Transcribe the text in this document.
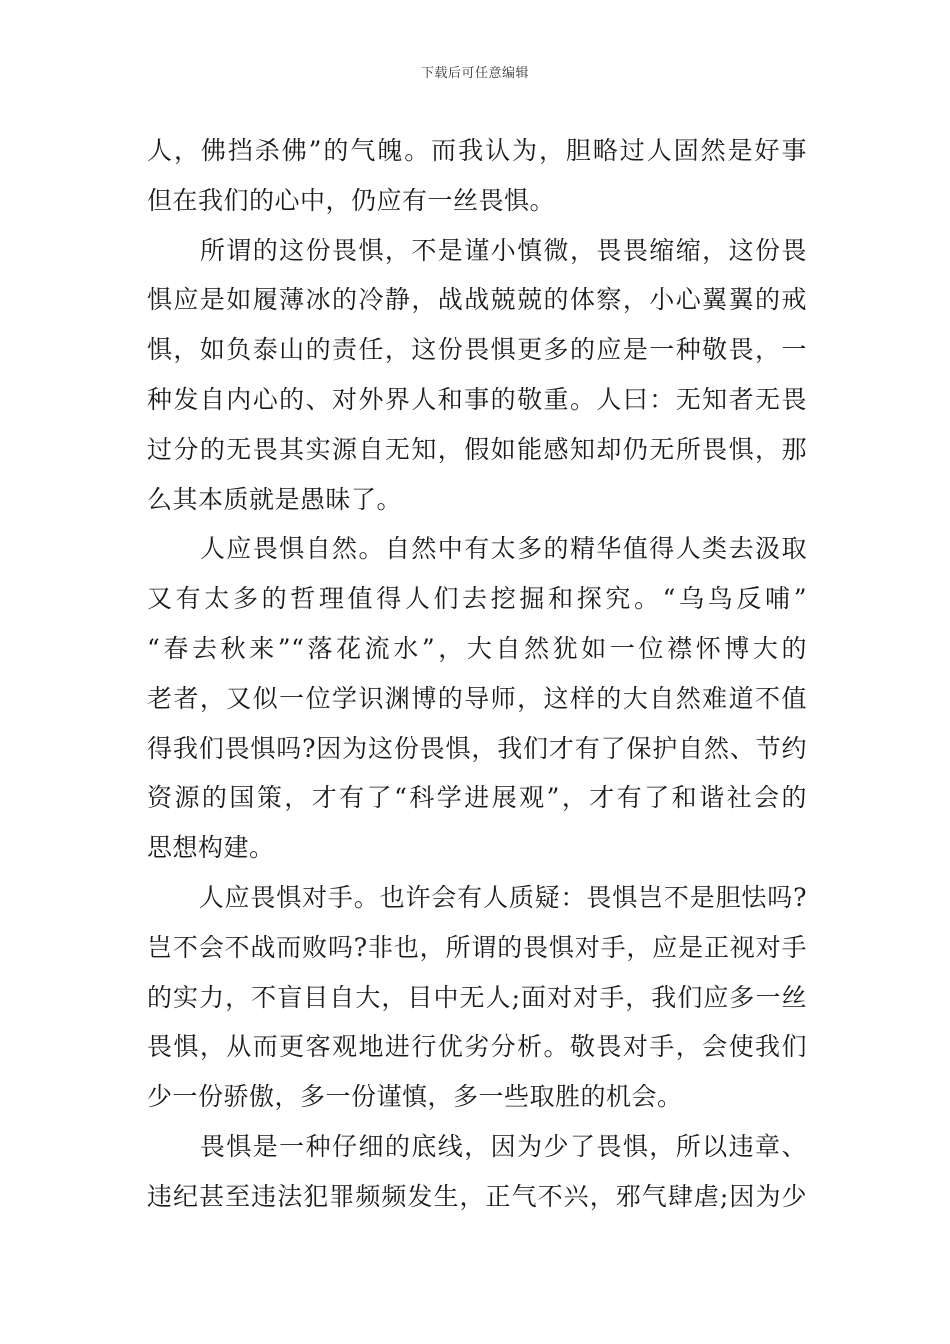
下载后可任意编辑
人，佛挡杀佛”的气魄。而我认为，胆略过人固然是好事
但在我们的心中，仍应有一丝畏惧。
　　所谓的这份畏惧，不是谨小慎微，畏畏缩缩，这份畏
惧应是如履薄冰的冷静，战战兢兢的体察，小心翼翼的戒
惧，如负泰山的责任，这份畏惧更多的应是一种敬畏，一
种发自内心的、对外界人和事的敬重。人曰：无知者无畏
过分的无畏其实源自无知，假如能感知却仍无所畏惧，那
么其本质就是愚昧了。
　　人应畏惧自然。自然中有太多的精华值得人类去汲取
又有太多的哲理值得人们去挖掘和探究。“乌鸟反哺”
“春去秋来”“落花流水”，大自然犹如一位襟怀博大的
老者，又似一位学识渊博的导师，这样的大自然难道不值
得我们畏惧吗?因为这份畏惧，我们才有了保护自然、节约
资源的国策，才有了“科学进展观”，才有了和谐社会的
思想构建。
　　人应畏惧对手。也许会有人质疑：畏惧岂不是胆怯吗?
岂不会不战而败吗?非也，所谓的畏惧对手，应是正视对手
的实力，不盲目自大，目中无人;面对对手，我们应多一丝
畏惧，从而更客观地进行优劣分析。敬畏对手，会使我们
少一份骄傲，多一份谨慎，多一些取胜的机会。
　　畏惧是一种仔细的底线，因为少了畏惧，所以违章、
违纪甚至违法犯罪频频发生，正气不兴，邪气肆虐;因为少
